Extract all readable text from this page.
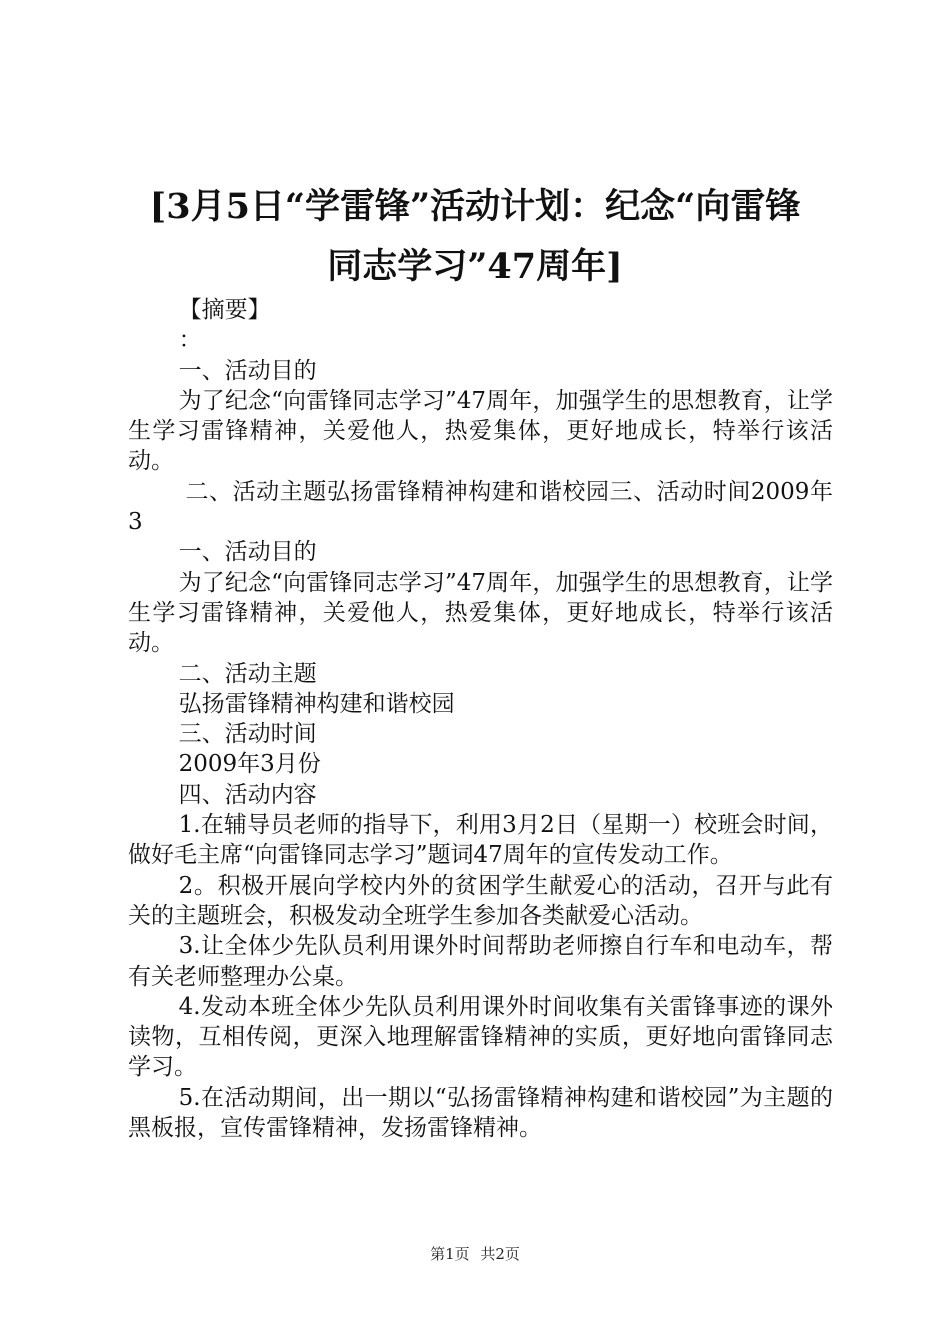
[3月5日“学雷锋”活动计划：纪念“向雷锋
同志学习”47周年]

【摘要】

：

一、活动目的

为了纪念“向雷锋同志学习”47周年，加强学生的思想教育，让学生学习雷锋精神，关爱他人，热爱集体，更好地成长，特举行该活动。

二、活动主题弘扬雷锋精神构建和谐校园三、活动时间2009年3

一、活动目的

为了纪念“向雷锋同志学习”47周年，加强学生的思想教育，让学生学习雷锋精神，关爱他人，热爱集体，更好地成长，特举行该活动。

二、活动主题

弘扬雷锋精神构建和谐校园

三、活动时间

2009年3月份

四、活动内容

1.在辅导员老师的指导下，利用3月2日（星期一）校班会时间，做好毛主席“向雷锋同志学习”题词47周年的宣传发动工作。

2。积极开展向学校内外的贫困学生献爱心的活动，召开与此有关的主题班会，积极发动全班学生参加各类献爱心活动。

3.让全体少先队员利用课外时间帮助老师擦自行车和电动车，帮有关老师整理办公桌。

4.发动本班全体少先队员利用课外时间收集有关雷锋事迹的课外读物，互相传阅，更深入地理解雷锋精神的实质，更好地向雷锋同志学习。

5.在活动期间，出一期以“弘扬雷锋精神构建和谐校园”为主题的黑板报，宣传雷锋精神，发扬雷锋精神。

第1页 共2页
